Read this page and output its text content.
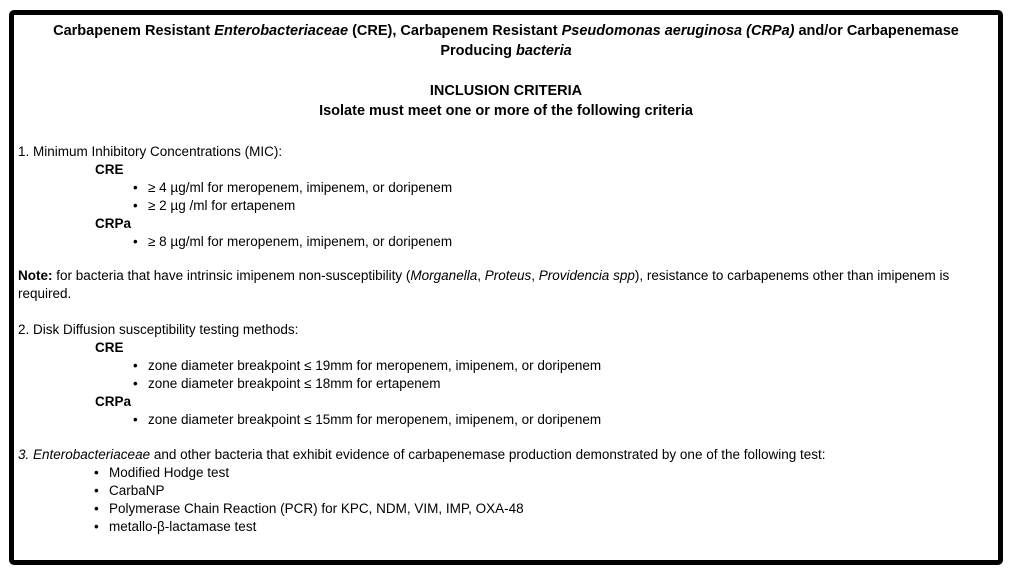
Carbapenem Resistant Enterobacteriaceae (CRE), Carbapenem Resistant Pseudomonas aeruginosa (CRPa) and/or Carbapenemase
Producing bacteria
INCLUSION CRITERIA
Isolate must meet one or more of the following criteria
1. Minimum Inhibitory Concentrations (MIC):
CRE
• ≥ 4 µg/ml for meropenem, imipenem, or doripenem
• ≥ 2 µg /ml for ertapenem
CRPa
• ≥ 8 µg/ml for meropenem, imipenem, or doripenem
Note: for bacteria that have intrinsic imipenem non-susceptibility (Morganella, Proteus, Providencia spp), resistance to carbapenems other than imipenem is
required.
2. Disk Diffusion susceptibility testing methods:
CRE
• zone diameter breakpoint ≤ 19mm for meropenem, imipenem, or doripenem
• zone diameter breakpoint ≤ 18mm for ertapenem
CRPa
• zone diameter breakpoint ≤ 15mm for meropenem, imipenem, or doripenem
3. Enterobacteriaceae and other bacteria that exhibit evidence of carbapenemase production demonstrated by one of the following test:
• Modified Hodge test
• CarbaNP
• Polymerase Chain Reaction (PCR) for KPC, NDM, VIM, IMP, OXA-48
• metallo-β-lactamase test
